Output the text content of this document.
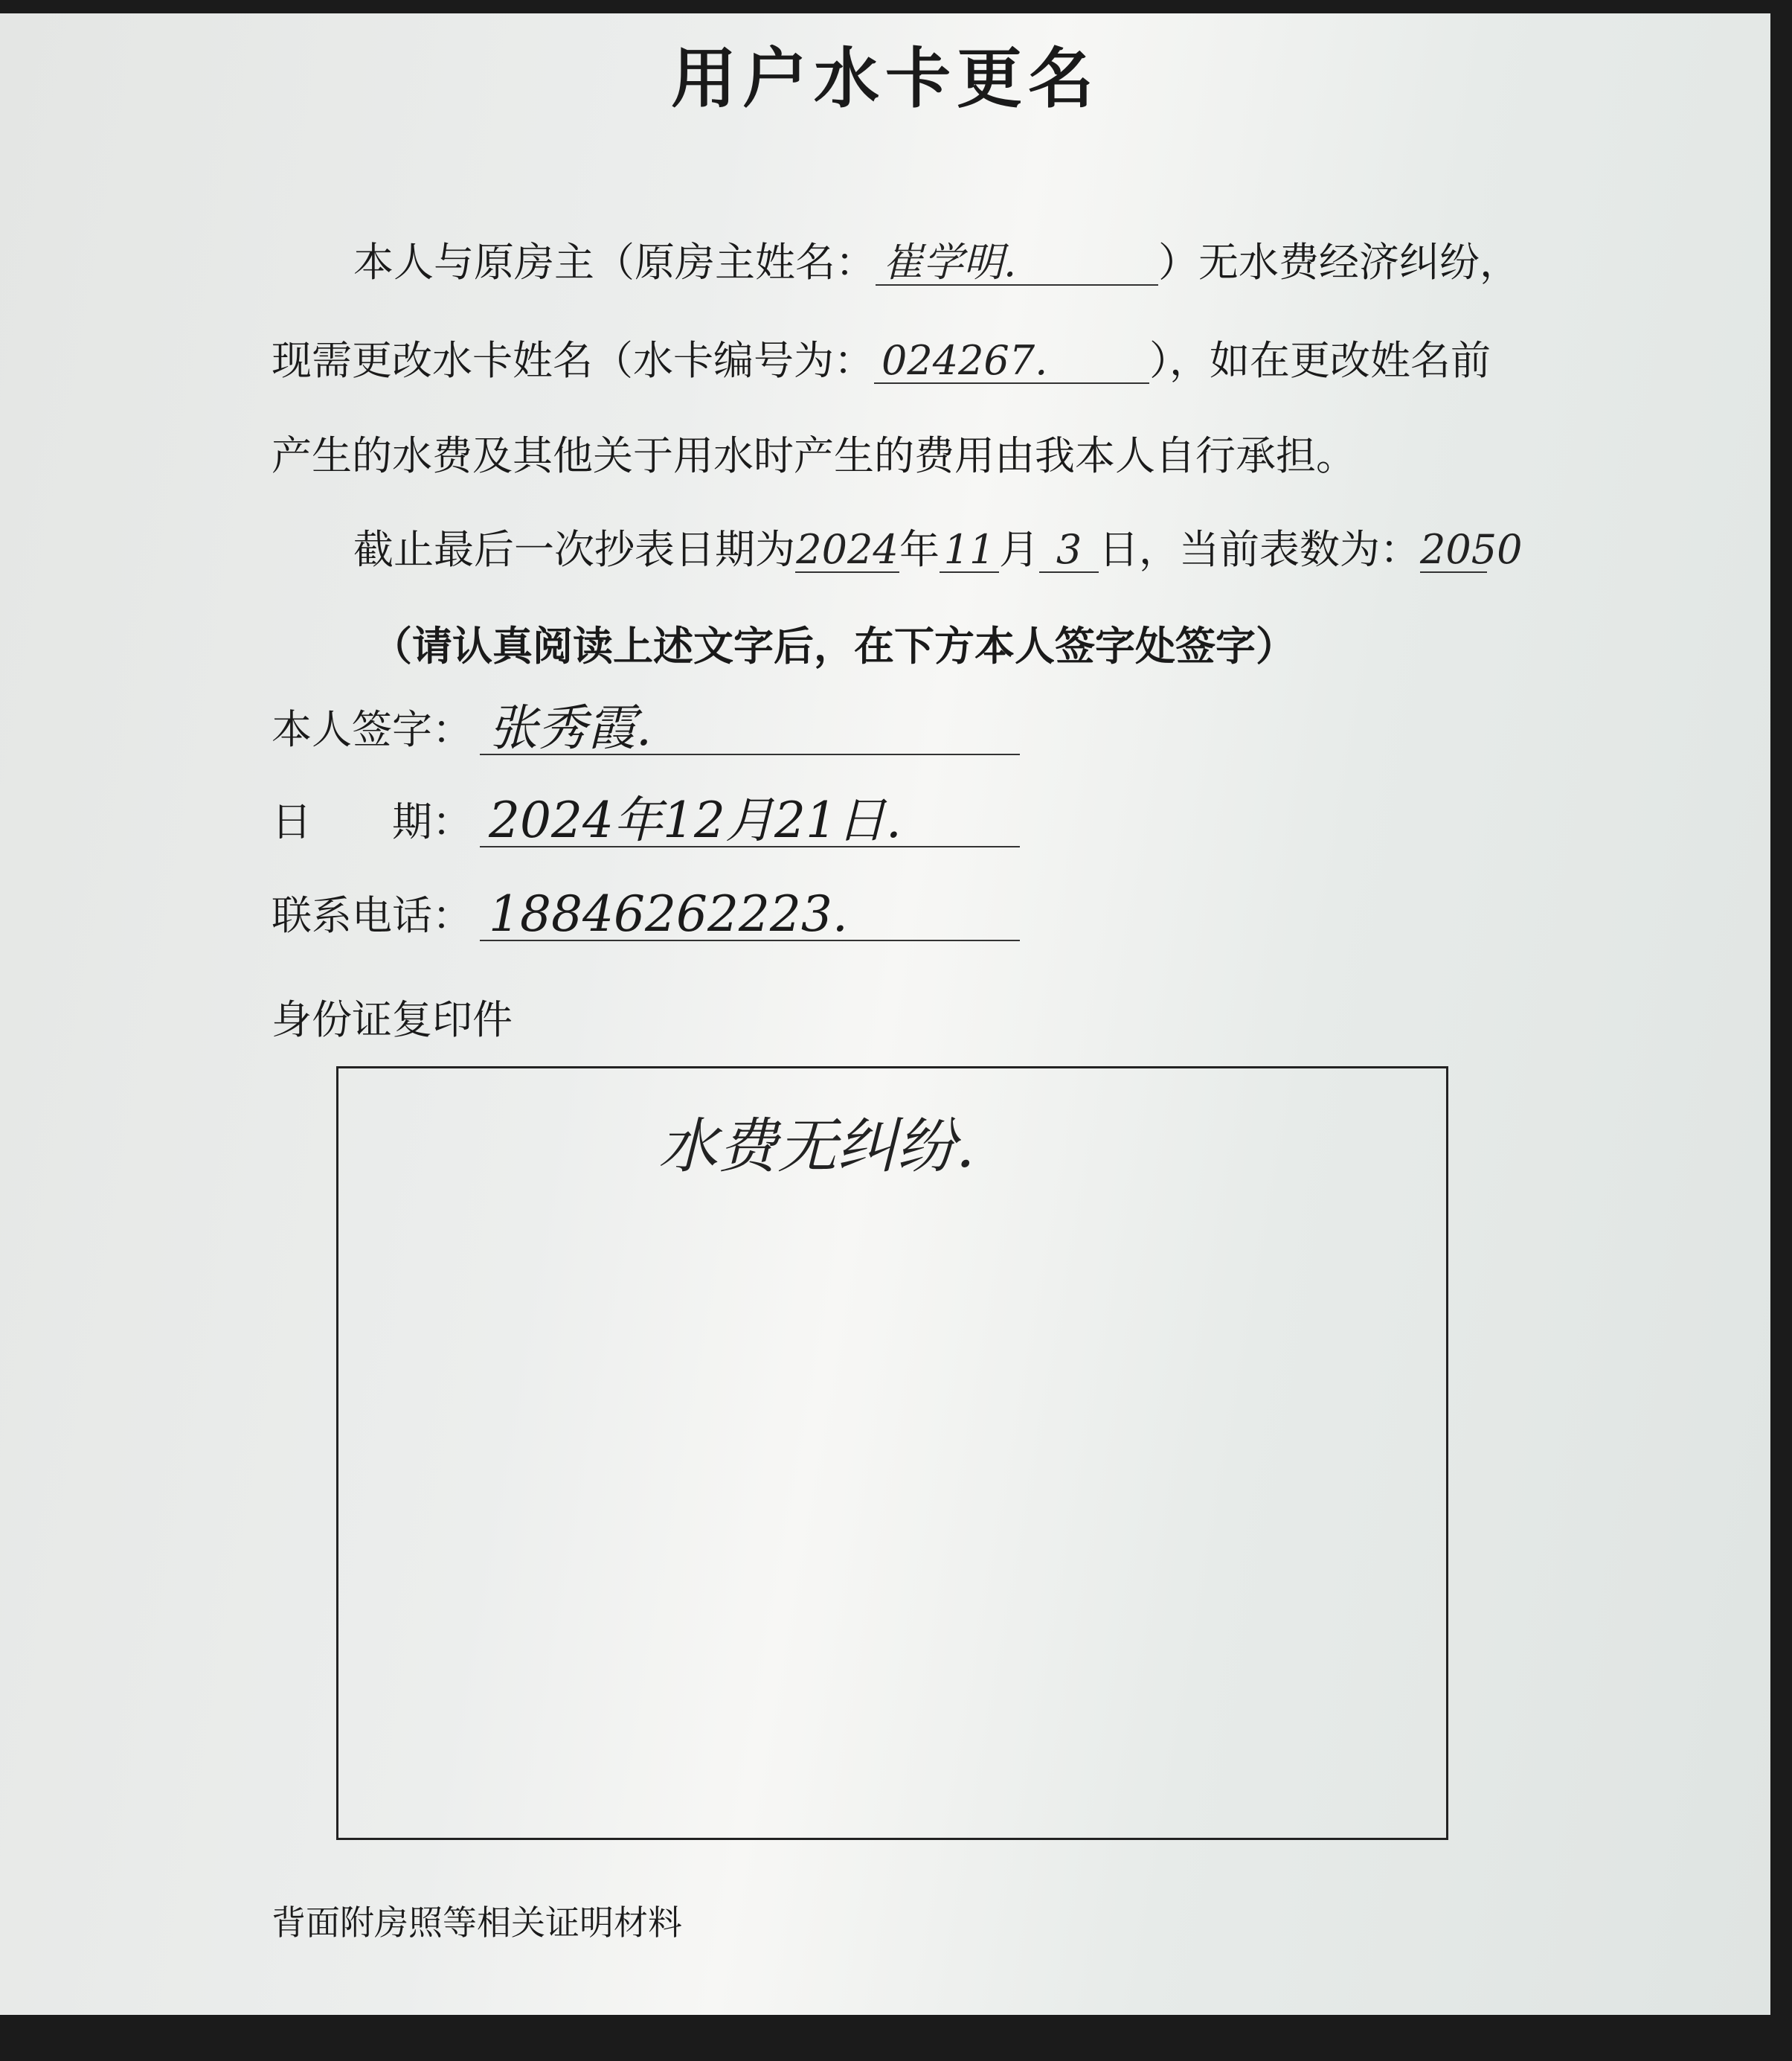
用户水卡更名
本人与原房主（原房主姓名： 崔学明.	）无水费经济纠纷，
现需更改水卡姓名（水卡编号为： 024267.	），如在更改姓名前
产生的水费及其他关于用水时产生的费用由我本人自行承担。
截止最后一次抄表日期为2024年 11 月 3 日，当前表数为：2050
（请认真阅读上述文字后，在下方本人签字处签字）
本人签字： 张秀霞.
日　　期： 2024年12月21日.
联系电话： 18846262223.
身份证复印件
水费无纠纷.
背面附房照等相关证明材料
